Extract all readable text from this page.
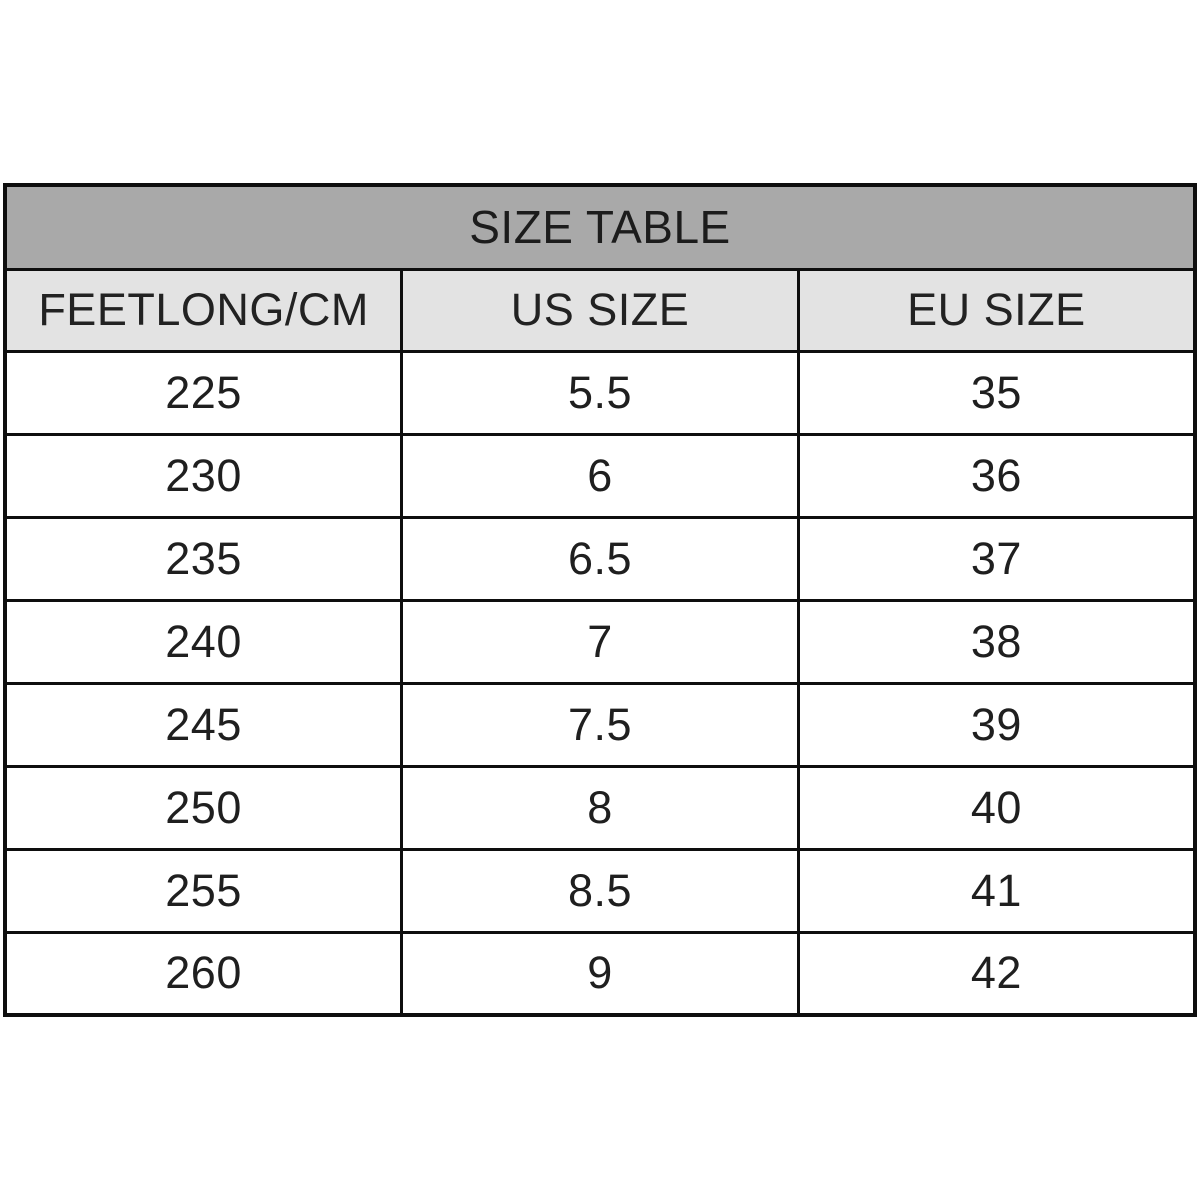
SIZE TABLE		
FEETLONG/CM	US SIZE	EU SIZE
225	5.5	35
230	6	36
235	6.5	37
240	7	38
245	7.5	39
250	8	40
255	8.5	41
260	9	42
